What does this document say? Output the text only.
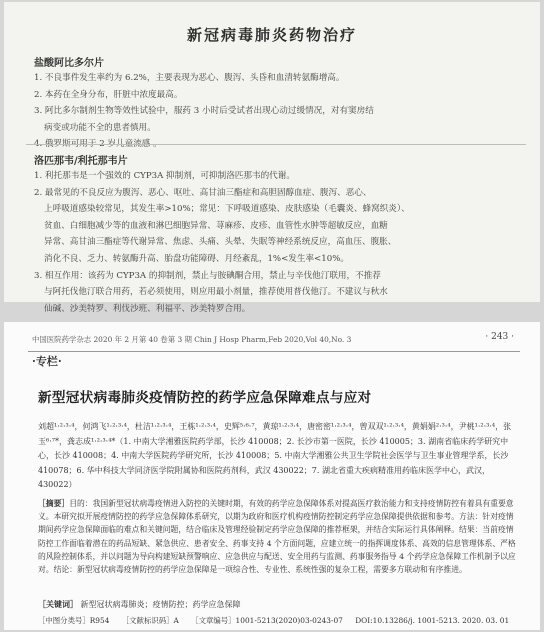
新冠病毒肺炎药物治疗
盐酸阿比多尔片
1. 不良事件发生率约为 6.2%，主要表现为恶心、腹泻、头昏和血清转氨酶增高。
2. 本药在全身分布，肝脏中浓度最高。
3. 阿比多尔制剂生物等效性试验中，服药 3 小时后受试者出现心动过缓情况，对有窦房结
病变或功能不全的患者慎用。
洛匹那韦/利托那韦片
1. 利托那韦是一个强效的 CYP3A 抑制剂，可抑制洛匹那韦的代谢。
2. 最常见的不良反应为腹泻、恶心、呕吐、高甘油三酯症和高胆固醇血症、腹泻、恶心、
上呼吸道感染较常见，其发生率>10%；常见：下呼吸道感染、皮肤感染（毛囊炎、蜂窝织炎）、
贫血、白细胞减少等的血液和淋巴细胞异常、荨麻疹、皮疹、血管性水肿等超敏反应，血糖
异常、高甘油三酯症等代谢异常、焦虑、头痛、头晕、失眠等神经系统反应，高血压、腹胀、
消化不良、乏力、转氨酶升高、胎盘功能障碍、月经紊乱，1%<发生率<10%。
3. 相互作用：该药为 CYP3A 的抑制剂，禁止与胺碘酮合用，禁止与辛伐他汀联用，不推荐
与阿托伐他汀联合用药，若必须使用，则应用最小剂量，推荐使用普伐他汀。不建议与秋水
仙碱、沙美特罗、利伐沙班、利福平、沙美特罗合用。
中国医院药学杂志 2020 年 2 月第 40 卷第 3 期 Chin J Hosp Pharm,Feb 2020,Vol 40,No. 3	· 243 ·
·专栏·
新型冠状病毒肺炎疫情防控的药学应急保障难点与应对
刘超¹·²·³·⁴，何鸿飞¹·²·³·⁴，杜洁¹·²·³·⁴，王栋¹·²·³·⁴，史辉⁵·⁶·⁷，黄琼¹·²·³·⁴，唐密密¹·²·³·⁴，曾双双¹·²·³·⁴，黄娟娟²·³·⁴，尹桃¹·²·³·⁴，张玉⁶·⁷*，龚志成¹·²·³·⁴*（1. 中南大学湘雅医院药学部，长沙 410008；2. 长沙市第一医院，长沙 410005；3. 湖南省临床药学研究中心，长沙 410008；4. 中南大学医院药学研究所，长沙 410008；5. 中南大学湘雅公共卫生学院社会医学与卫生事业管理学系，长沙 410078；6. 华中科技大学同济医学院附属协和医院药剂科，武汉 430022；7. 湖北省重大疾病精准用药临床医学中心，武汉，430022）
［摘要］目的：我国新型冠状病毒疫情进入防控的关键时期，有效的药学应急保障体系对提高医疗救治能力和支持疫情防控有着具有重要意义。本研究拟开展疫情防控的药学应急保障体系研究，以期为政府和医疗机构疫情防控制定药学应急保障提供依据和参考。方法：针对疫情期间药学应急保障面临的难点和关键问题，结合临床及管理经验制定药学应急保障的推荐框架，并结合实际运行具体阐释。结果：当前疫情防控工作面临着潜在的药品短缺、紧急供应、患者安全、药事支持 4 个方面问题，应建立统一的指挥调度体系、高效的信息管理体系、严格的风险控制体系，并以问题为导向构建短缺预警响应、应急供应与配送、安全用药与监测、药事服务指导 4 个药学应急保障工作机制予以应对。结论：新型冠状病毒疫情防控的药学应急保障是一项综合性、专业性、系统性强的复杂工程，需要多方联动和有序推进。
［关键词］ 新型冠状病毒肺炎；疫情防控；药学应急保障
［中图分类号］R954 ［文献标识码］A ［文章编号］1001-5213(2020)03-0243-07 DOI:10.13286/j. 1001-5213. 2020. 03. 01
